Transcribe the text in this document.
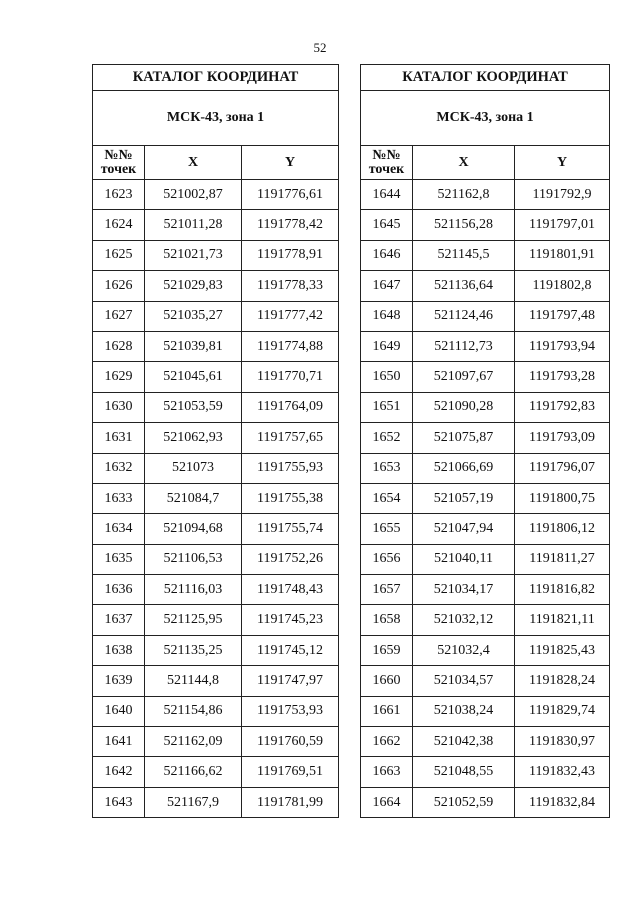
52
КАТАЛОГ КООРДИНАТ		
МСК-43, зона 1		
№№
точек	X	Y
1623	521002,87	1191776,61
1624	521011,28	1191778,42
1625	521021,73	1191778,91
1626	521029,83	1191778,33
1627	521035,27	1191777,42
1628	521039,81	1191774,88
1629	521045,61	1191770,71
1630	521053,59	1191764,09
1631	521062,93	1191757,65
1632	521073	1191755,93
1633	521084,7	1191755,38
1634	521094,68	1191755,74
1635	521106,53	1191752,26
1636	521116,03	1191748,43
1637	521125,95	1191745,23
1638	521135,25	1191745,12
1639	521144,8	1191747,97
1640	521154,86	1191753,93
1641	521162,09	1191760,59
1642	521166,62	1191769,51
1643	521167,9	1191781,99
КАТАЛОГ КООРДИНАТ		
МСК-43, зона 1		
№№
точек	X	Y
1644	521162,8	1191792,9
1645	521156,28	1191797,01
1646	521145,5	1191801,91
1647	521136,64	1191802,8
1648	521124,46	1191797,48
1649	521112,73	1191793,94
1650	521097,67	1191793,28
1651	521090,28	1191792,83
1652	521075,87	1191793,09
1653	521066,69	1191796,07
1654	521057,19	1191800,75
1655	521047,94	1191806,12
1656	521040,11	1191811,27
1657	521034,17	1191816,82
1658	521032,12	1191821,11
1659	521032,4	1191825,43
1660	521034,57	1191828,24
1661	521038,24	1191829,74
1662	521042,38	1191830,97
1663	521048,55	1191832,43
1664	521052,59	1191832,84
